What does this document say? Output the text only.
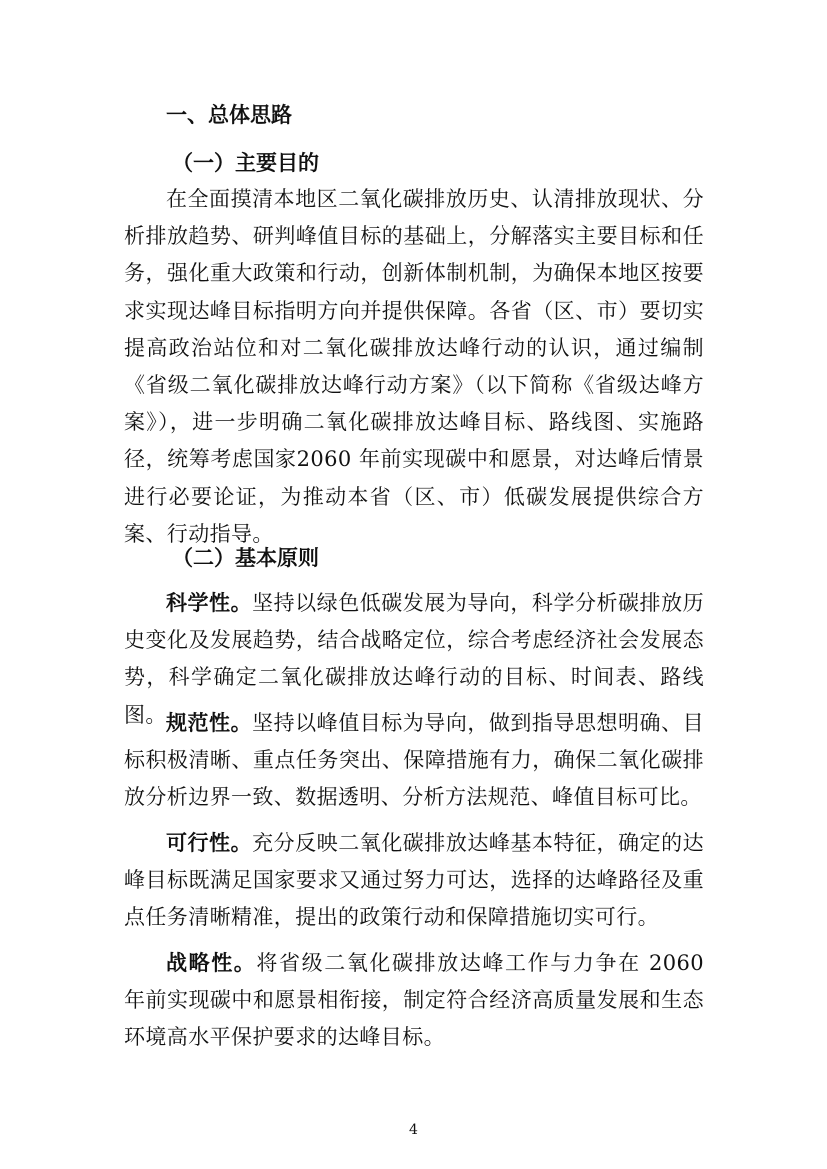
一、总体思路
（一）主要目的

在全面摸清本地区二氧化碳排放历史、认清排放现状、分析排放趋势、研判峰值目标的基础上，分解落实主要目标和任务，强化重大政策和行动，创新体制机制，为确保本地区按要求实现达峰目标指明方向并提供保障。各省（区、市）要切实提高政治站位和对二氧化碳排放达峰行动的认识，通过编制《省级二氧化碳排放达峰行动方案》（以下简称《省级达峰方案》），进一步明确二氧化碳排放达峰目标、路线图、实施路径，统筹考虑国家2060 年前实现碳中和愿景，对达峰后情景进行必要论证，为推动本省（区、市）低碳发展提供综合方案、行动指导。

（二）基本原则

科学性。坚持以绿色低碳发展为导向，科学分析碳排放历史变化及发展趋势，结合战略定位，综合考虑经济社会发展态势，科学确定二氧化碳排放达峰行动的目标、时间表、路线图。 规范性。坚持以峰值目标为导向，做到指导思想明确、目标积极清晰、重点任务突出、保障措施有力，确保二氧化碳排放分析边界一致、数据透明、分析方法规范、峰值目标可比。

可行性。充分反映二氧化碳排放达峰基本特征，确定的达峰目标既满足国家要求又通过努力可达，选择的达峰路径及重点任务清晰精准，提出的政策行动和保障措施切实可行。

战略性。将省级二氧化碳排放达峰工作与力争在 2060 年前实现碳中和愿景相衔接，制定符合经济高质量发展和生态环境高水平保护要求的达峰目标。

4
